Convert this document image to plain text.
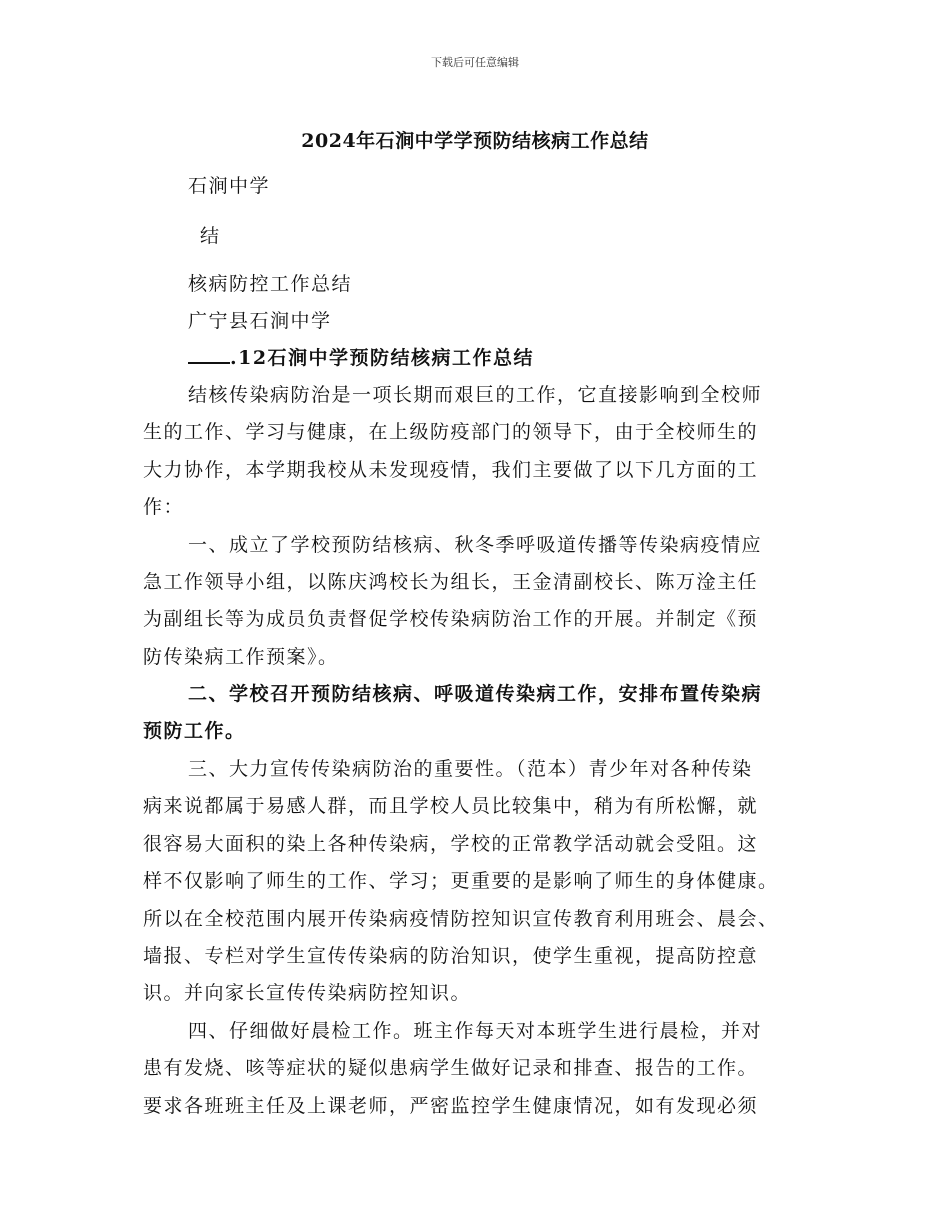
下载后可任意编辑
2024年石涧中学学预防结核病工作总结
石涧中学
结
核病防控工作总结
广宁县石涧中学
.12石涧中学预防结核病工作总结
结核传染病防治是一项长期而艰巨的工作，它直接影响到全校师
生的工作、学习与健康，在上级防疫部门的领导下，由于全校师生的
大力协作，本学期我校从未发现疫情，我们主要做了以下几方面的工
作：
一、成立了学校预防结核病、秋冬季呼吸道传播等传染病疫情应
急工作领导小组，以陈庆鸿校长为组长，王金清副校长、陈万淦主任
为副组长等为成员负责督促学校传染病防治工作的开展。并制定《预
防传染病工作预案》。
二、学校召开预防结核病、呼吸道传染病工作，安排布置传染病
预防工作。
三、大力宣传传染病防治的重要性。（范本）青少年对各种传染
病来说都属于易感人群，而且学校人员比较集中，稍为有所松懈，就
很容易大面积的染上各种传染病，学校的正常教学活动就会受阻。这
样不仅影响了师生的工作、学习；更重要的是影响了师生的身体健康。
所以在全校范围内展开传染病疫情防控知识宣传教育利用班会、晨会、
墙报、专栏对学生宣传传染病的防治知识，使学生重视，提高防控意
识。并向家长宣传传染病防控知识。
四、仔细做好晨检工作。班主作每天对本班学生进行晨检，并对
患有发烧、咳等症状的疑似患病学生做好记录和排查、报告的工作。
要求各班班主任及上课老师，严密监控学生健康情况，如有发现必须
